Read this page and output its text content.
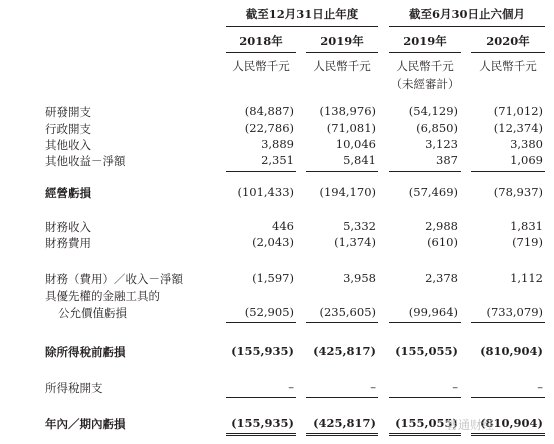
截至12月31日止年度	截至6月30日止六個月
2018年	2019年	2019年	2020年
人民幣千元	人民幣千元	人民幣千元	人民幣千元
（未經審計）
研發開支	(84,887)	(138,976)	(54,129)	(71,012)
行政開支	(22,786)	(71,081)	(6,850)	(12,374)
其他收入	3,889	10,046	3,123	3,380
其他收益－淨額	2,351	5,841	387	1,069
經營虧損	(101,433)	(194,170)	(57,469)	(78,937)
財務收入	446	5,332	2,988	1,831
財務費用	(2,043)	(1,374)	(610)	(719)
財務（費用）／收入－淨額	(1,597)	3,958	2,378	1,112
具優先權的金融工具的
公允價值虧損	(52,905)	(235,605)	(99,964)	(733,079)
除所得稅前虧損	(155,935)	(425,817)	(155,055)	(810,904)
所得稅開支	–	–	–	–
年內／期內虧損	(155,935)	(425,817)	(155,055)	(810,904)
智通财经
